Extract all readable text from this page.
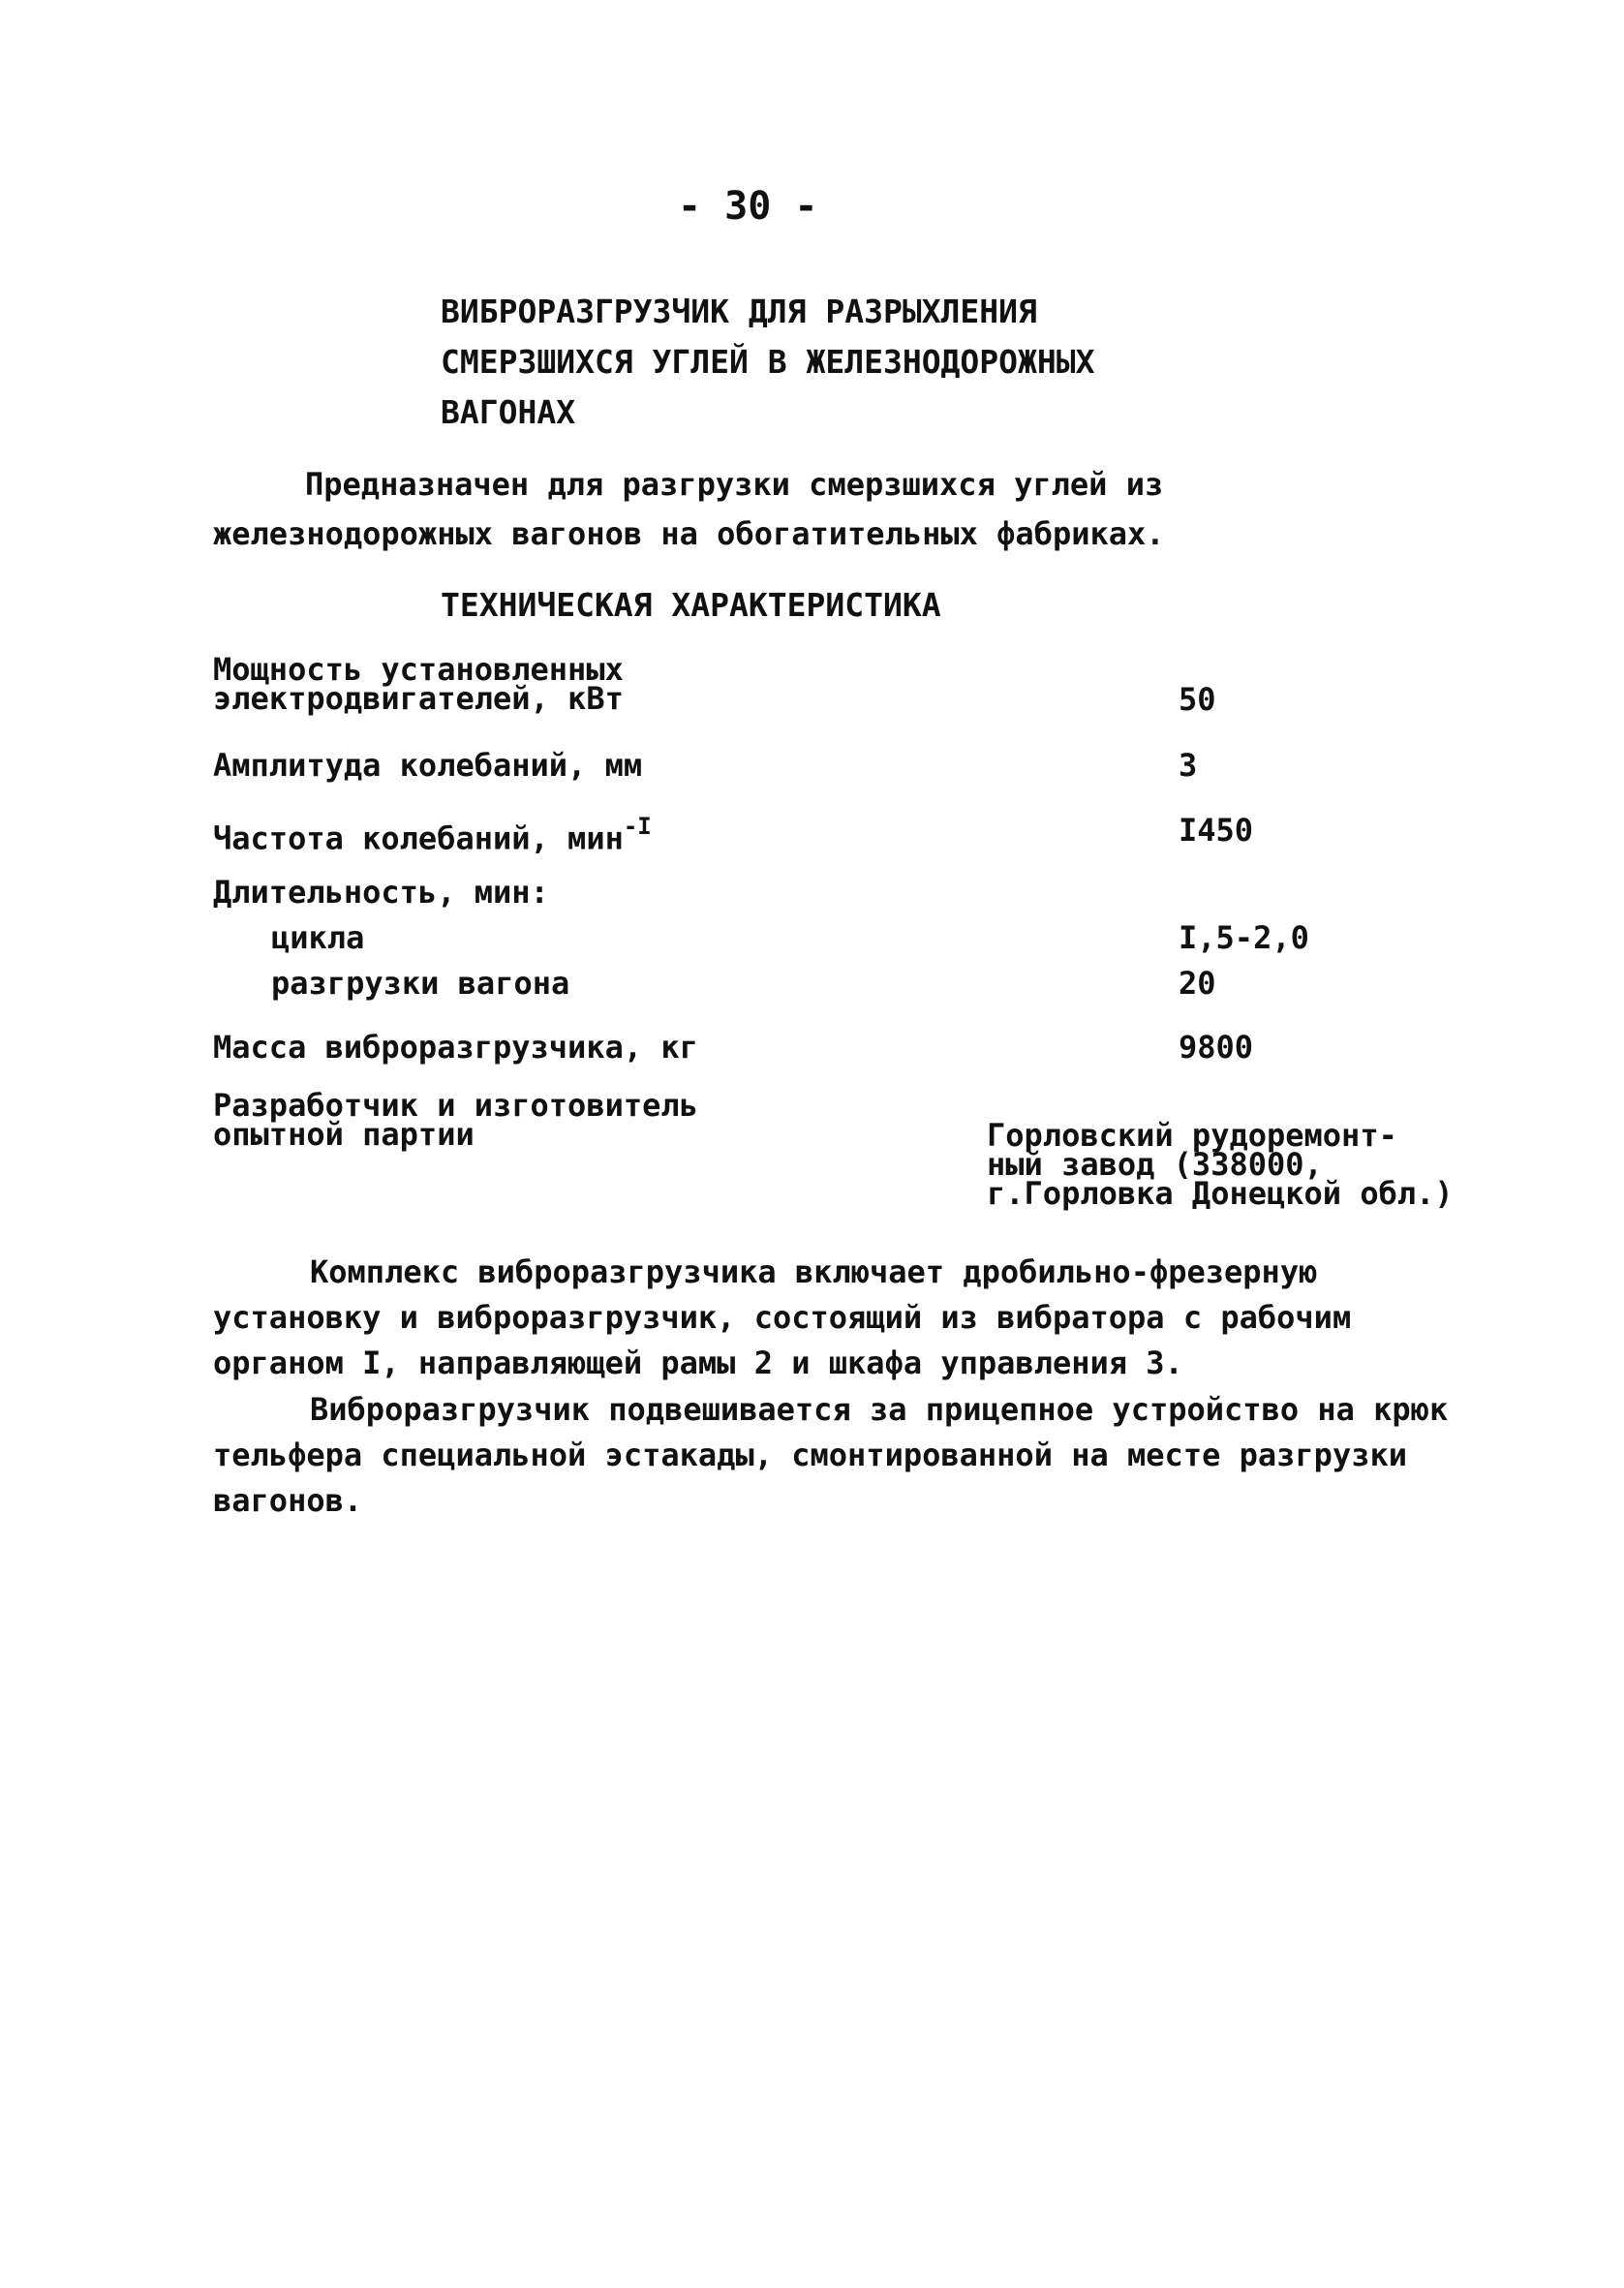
- 30 -
ВИБРОРАЗГРУЗЧИК ДЛЯ РАЗРЫХЛЕНИЯ
СМЕРЗШИХСЯ УГЛЕЙ В ЖЕЛЕЗНОДОРОЖНЫХ
ВАГОНАХ
Предназначен для разгрузки смерзшихся углей из железнодорожных вагонов на обогатительных фабриках.
ТЕХНИЧЕСКАЯ ХАРАКТЕРИСТИКА
Мощность установленных
электродвигателей, кВт	50
Амплитуда колебаний, мм	3
Частота колебаний, мин$^{-I}$	I450
Длительность, мин:
цикла	I,5-2,0
разгрузки вагона	20
Масса виброразгрузчика, кг	9800
Разработчик и изготовитель
опытной партии	Горловский рудоремонт-
ный завод (338000,
г.Горловка Донецкой обл.)
Комплекс виброразгрузчика включает дробильно-фрезерную установку и виброразгрузчик, состоящий из вибратора с рабочим органом I, направляющей рамы 2 и шкафа управления 3.
Виброразгрузчик подвешивается за прицепное устройство на крюк тельфера специальной эстакады, смонтированной на месте разгрузки вагонов.
